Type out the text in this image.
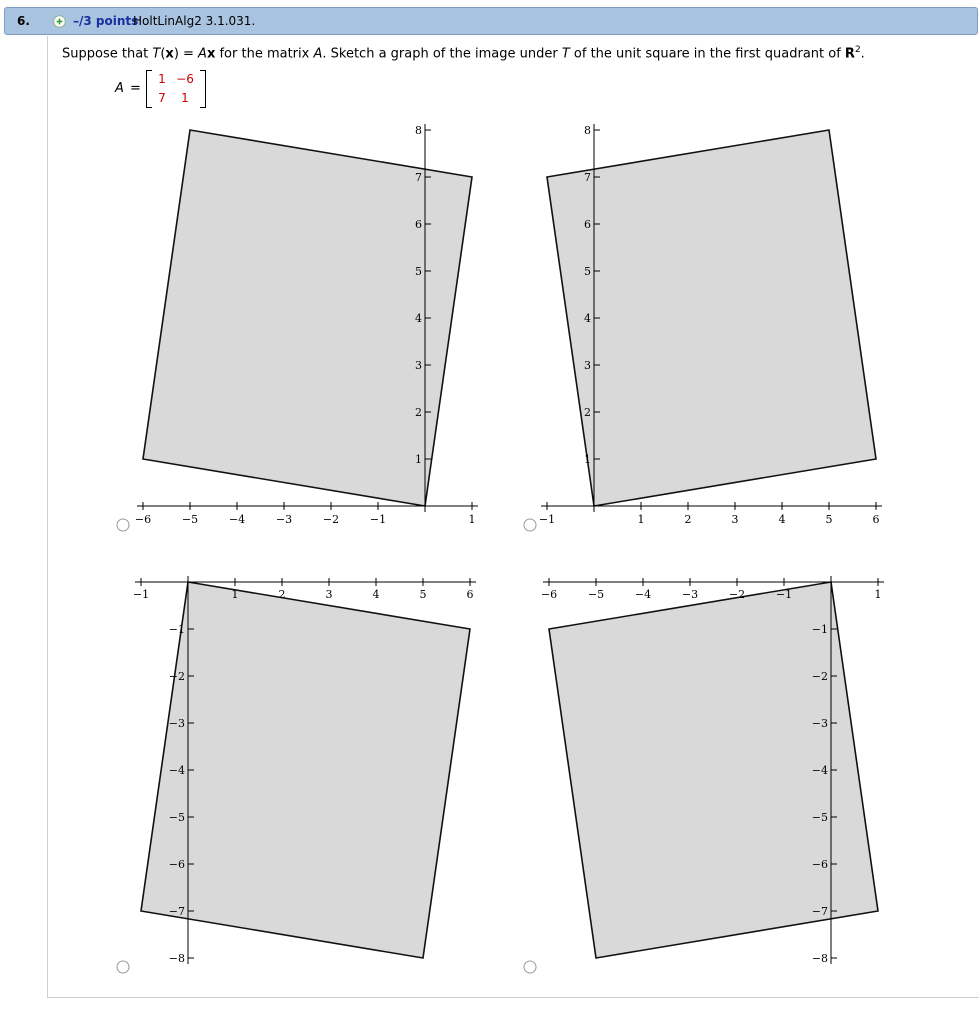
6.	–/3 points
HoltLinAlg2 3.1.031.
Suppose that T(x) = Ax for the matrix A. Sketch a graph of the image under T of the unit square in the first quadrant of $R^2$.
A =
1 −6
7	1
−6	−5	−4	−3	−2	−1	1
1
2
3
4
5
6
7
8
−1	1	2	3	4	5	6
1
2
3
4
5
6
7
8
−1	1	2	3	4	5	6
−1
−2
−3
−4
−5
−6
−7
−8
−6	−5	−4	−3	−2	−1	1
−1
−2
−3
−4
−5
−6
−7
−8
